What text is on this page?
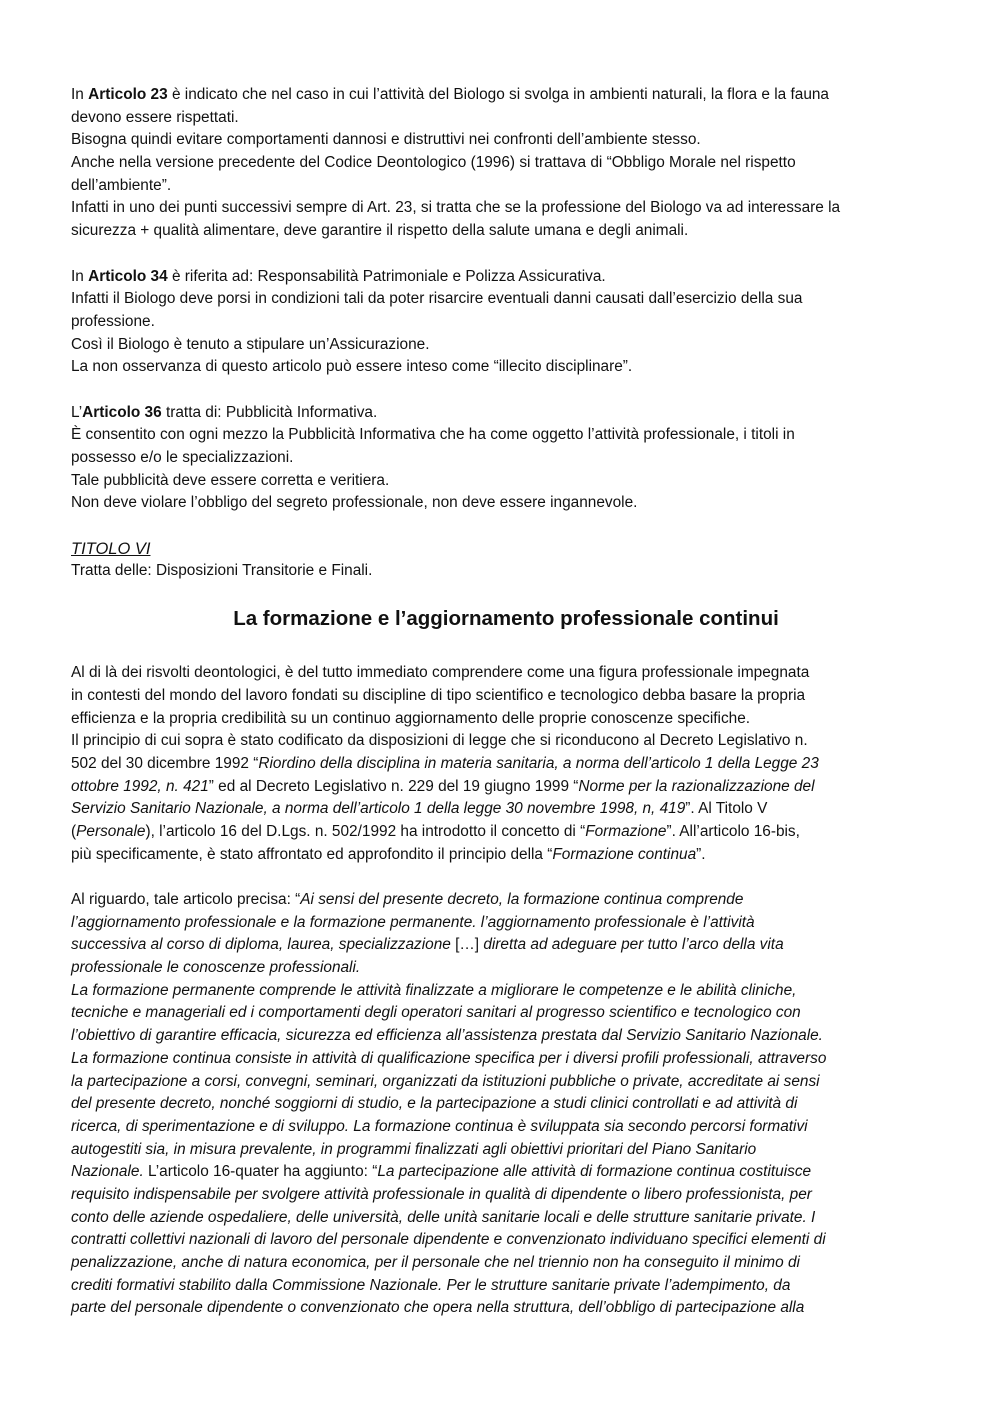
In Articolo 23 è indicato che nel caso in cui l’attività del Biologo si svolga in ambienti naturali, la flora e la fauna
devono essere rispettati.
Bisogna quindi evitare comportamenti dannosi e distruttivi nei confronti dell’ambiente stesso.
Anche nella versione precedente del Codice Deontologico (1996) si trattava di “Obbligo Morale nel rispetto
dell’ambiente”.
Infatti in uno dei punti successivi sempre di Art. 23, si tratta che se la professione del Biologo va ad interessare la
sicurezza + qualità alimentare, deve garantire il rispetto della salute umana e degli animali.
In Articolo 34 è riferita ad: Responsabilità Patrimoniale e Polizza Assicurativa.
Infatti il Biologo deve porsi in condizioni tali da poter risarcire eventuali danni causati dall’esercizio della sua
professione.
Così il Biologo è tenuto a stipulare un’Assicurazione.
La non osservanza di questo articolo può essere inteso come “illecito disciplinare”.
L’Articolo 36 tratta di: Pubblicità Informativa.
È consentito con ogni mezzo la Pubblicità Informativa che ha come oggetto l’attività professionale, i titoli in
possesso e/o le specializzazioni.
Tale pubblicità deve essere corretta e veritiera.
Non deve violare l’obbligo del segreto professionale, non deve essere ingannevole.
TITOLO VI
Tratta delle: Disposizioni Transitorie e Finali.
La formazione e l’aggiornamento professionale continui
Al di là dei risvolti deontologici, è del tutto immediato comprendere come una figura professionale impegnata
in contesti del mondo del lavoro fondati su discipline di tipo scientifico e tecnologico debba basare la propria
efficienza e la propria credibilità su un continuo aggiornamento delle proprie conoscenze specifiche.
Il principio di cui sopra è stato codificato da disposizioni di legge che si riconducono al Decreto Legislativo n.
502 del 30 dicembre 1992 “Riordino della disciplina in materia sanitaria, a norma dell’articolo 1 della Legge 23
ottobre 1992, n. 421” ed al Decreto Legislativo n. 229 del 19 giugno 1999 “Norme per la razionalizzazione del
Servizio Sanitario Nazionale, a norma dell’articolo 1 della legge 30 novembre 1998, n, 419”. Al Titolo V
(Personale), l’articolo 16 del D.Lgs. n. 502/1992 ha introdotto il concetto di “Formazione”. All’articolo 16-bis,
più specificamente, è stato affrontato ed approfondito il principio della “Formazione continua”.
Al riguardo, tale articolo precisa: “Ai sensi del presente decreto, la formazione continua comprende
l’aggiornamento professionale e la formazione permanente. l’aggiornamento professionale è l’attività
successiva al corso di diploma, laurea, specializzazione […] diretta ad adeguare per tutto l’arco della vita
professionale le conoscenze professionali.
La formazione permanente comprende le attività finalizzate a migliorare le competenze e le abilità cliniche,
tecniche e manageriali ed i comportamenti degli operatori sanitari al progresso scientifico e tecnologico con
l’obiettivo di garantire efficacia, sicurezza ed efficienza all’assistenza prestata dal Servizio Sanitario Nazionale.
La formazione continua consiste in attività di qualificazione specifica per i diversi profili professionali, attraverso
la partecipazione a corsi, convegni, seminari, organizzati da istituzioni pubbliche o private, accreditate ai sensi
del presente decreto, nonché soggiorni di studio, e la partecipazione a studi clinici controllati e ad attività di
ricerca, di sperimentazione e di sviluppo. La formazione continua è sviluppata sia secondo percorsi formativi
autogestiti sia, in misura prevalente, in programmi finalizzati agli obiettivi prioritari del Piano Sanitario
Nazionale. L’articolo 16-quater ha aggiunto: “La partecipazione alle attività di formazione continua costituisce
requisito indispensabile per svolgere attività professionale in qualità di dipendente o libero professionista, per
conto delle aziende ospedaliere, delle università, delle unità sanitarie locali e delle strutture sanitarie private. I
contratti collettivi nazionali di lavoro del personale dipendente e convenzionato individuano specifici elementi di
penalizzazione, anche di natura economica, per il personale che nel triennio non ha conseguito il minimo di
crediti formativi stabilito dalla Commissione Nazionale. Per le strutture sanitarie private l’adempimento, da
parte del personale dipendente o convenzionato che opera nella struttura, dell’obbligo di partecipazione alla
